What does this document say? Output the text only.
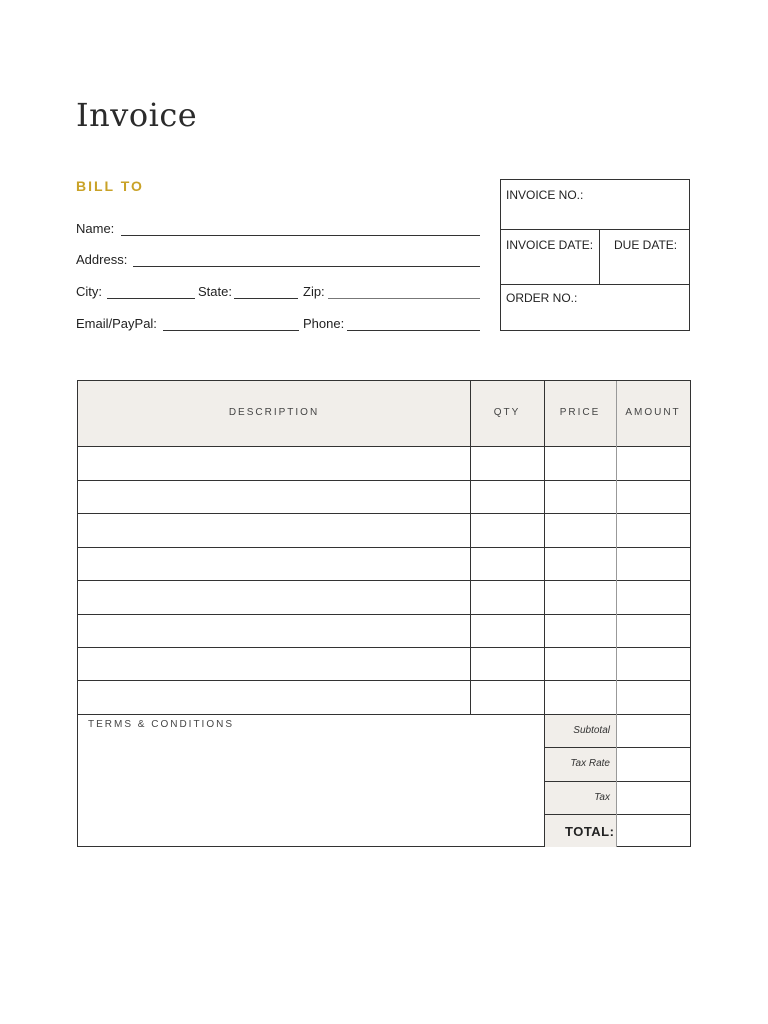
Invoice
BILL TO
Name:
Address:
City:	State:	Zip:
Email/PayPal:	Phone:
INVOICE NO.:
INVOICE DATE: DUE DATE:
ORDER NO.:
DESCRIPTION	QTY	PRICE	AMOUNT
TERMS & CONDITIONS
Subtotal
Tax Rate
Tax
TOTAL:
